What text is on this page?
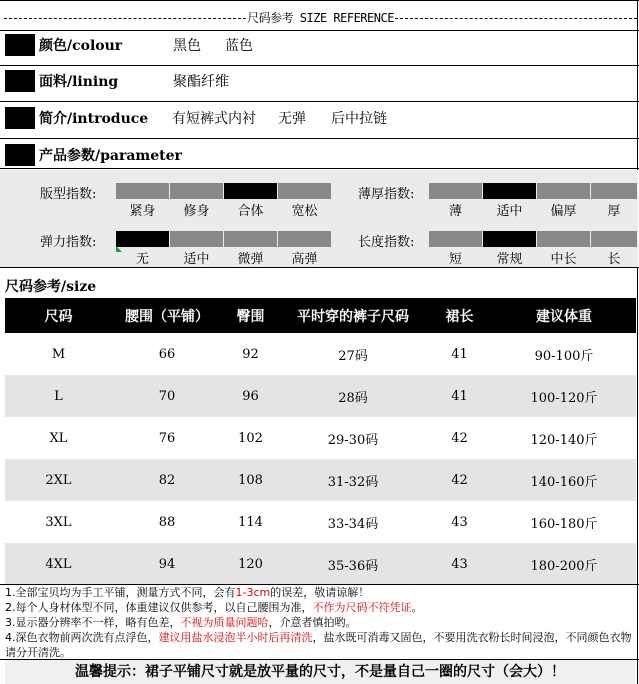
尺码参考 SIZE REFERENCE
颜色/colour	黑色 蓝色
面料/lining	聚酯纤维
简介/introduce 有短裤式内衬 无弹 后中拉链
产品参数/parameter
版型指数:
紧身	修身	合体	宽松
薄厚指数:
薄	适中	偏厚	厚
弹力指数:
无	适中	微弹	高弹
长度指数:
短	常规	中长	长
尺码参考/size
尺码	腰围（平铺）	臀围	平时穿的裤子尺码	裙长	建议体重
M	66	92	27码	41	90-100斤
L	70	96	28码	41	100-120斤
XL	76	102	29-30码	42	120-140斤
2XL	82	108	31-32码	42	140-160斤
3XL	88	114	33-34码	43	160-180斤
4XL	94	120	35-36码	43	180-200斤
1.全部宝贝均为手工平铺，测量方式不同，会有1-3cm的误差，敬请谅解！
2.每个人身材体型不同，体重建议仅供参考，以自己腰围为准，不作为尺码不符凭证。
3.显示器分辨率不一样，略有色差，不视为质量问题哈，介意者慎拍哟。
4.深色衣物前两次洗有点浮色，建议用盐水浸泡半小时后再清洗，盐水既可消毒又固色，不要用洗衣粉长时间浸泡，不同颜色衣物请分开清洗。
温馨提示：裙子平铺尺寸就是放平量的尺寸，不是量自己一圈的尺寸（会大）！
